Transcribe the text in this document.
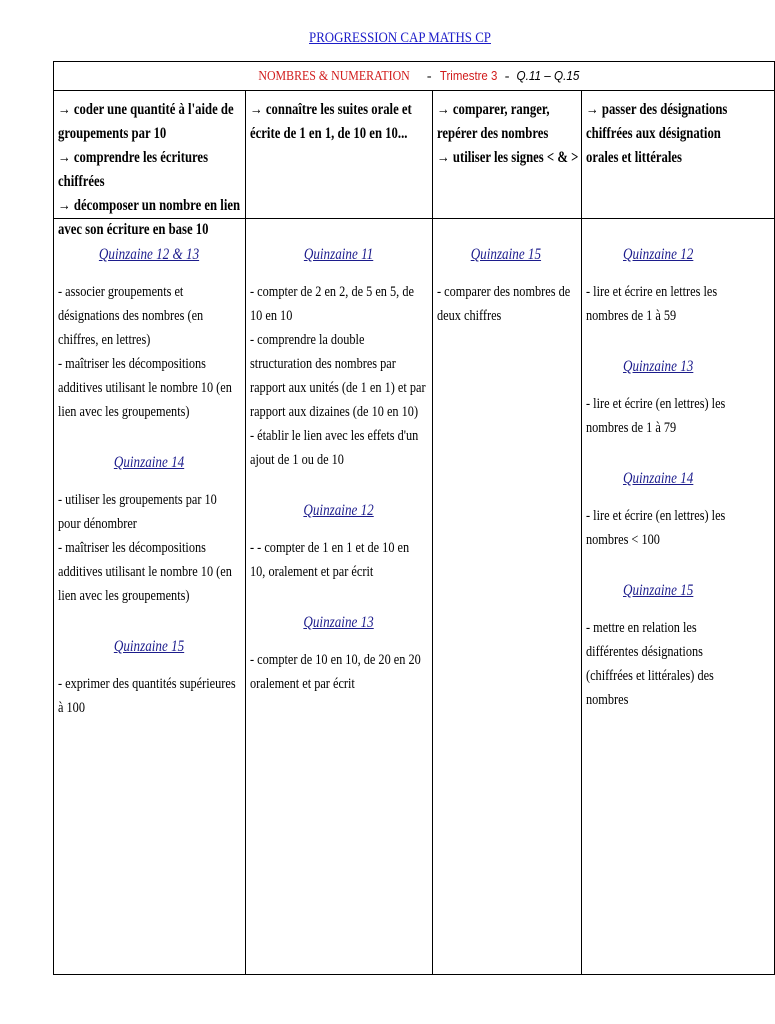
PROGRESSION CAP MATHS CP
NOMBRES & NUMERATION - Trimestre 3 - Q.11 – Q.15

→ coder une quantité à l'aide de groupements par 10

→ comprendre les écritures chiffrées

→ décomposer un nombre en lien avec son écriture en base 10

→ connaître les suites orale et écrite de 1 en 1, de 10 en 10...

→ comparer, ranger, repérer des nombres

→ utiliser les signes < & >

→ passer des désignations chiffrées aux désignation orales et littérales

Quinzaine 12 & 13

- associer groupements et désignations des nombres (en chiffres, en lettres)

- maîtriser les décompositions additives utilisant le nombre 10 (en lien avec les groupements)

Quinzaine 14

- utiliser les groupements par 10 pour dénombrer

- maîtriser les décompositions additives utilisant le nombre 10 (en lien avec les groupements)

Quinzaine 15

- exprimer des quantités supérieures à 100

Quinzaine 11

- compter de 2 en 2, de 5 en 5, de 10 en 10

- comprendre la double structuration des nombres par rapport aux unités (de 1 en 1) et par rapport aux dizaines (de 10 en 10)

- établir le lien avec les effets d'un ajout de 1 ou de 10

Quinzaine 12

- - compter de 1 en 1 et de 10 en 10, oralement et par écrit

Quinzaine 13

- compter de 10 en 10, de 20 en 20 oralement et par écrit

Quinzaine 15

- comparer des nombres de deux chiffres

Quinzaine 12

- lire et écrire en lettres les nombres de 1 à 59

Quinzaine 13

- lire et écrire (en lettres) les nombres de 1 à 79

Quinzaine 14

- lire et écrire (en lettres) les nombres < 100

Quinzaine 15

- mettre en relation les différentes désignations (chiffrées et littérales) des nombres
